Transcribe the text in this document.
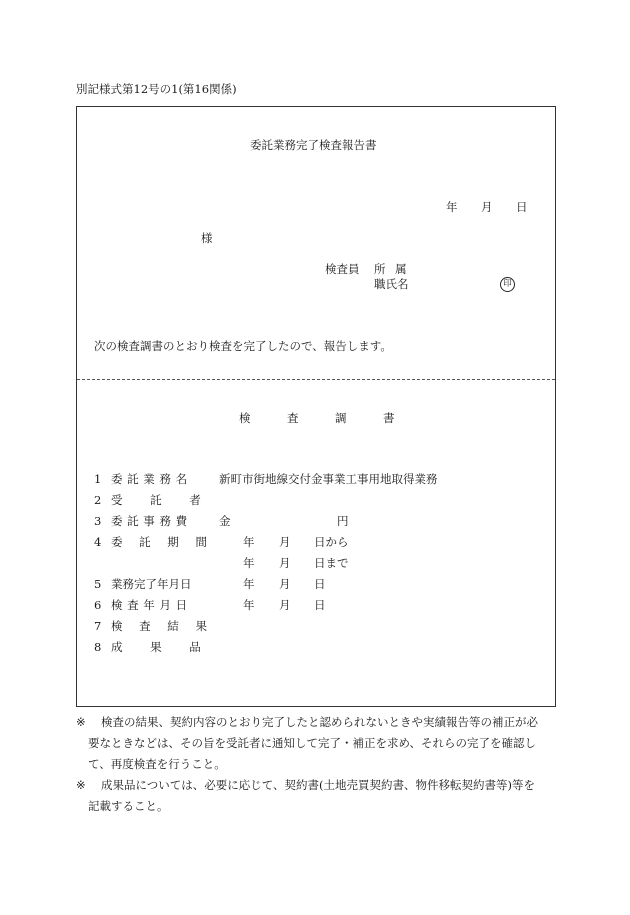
別記様式第12号の1(第16関係)
委託業務完了検査報告書
年 月 日
様
検査員 所 属
職氏名	印
次の検査調書のとおり検査を完了したので、報告します。
検	査	調	書
1 委 託 業 務 名	新町市街地線交付金事業工事用地取得業務
2 受 託 者
3 委 託 事 務 費	金	円
4 委 託 期 間	年 月 日から
年 月 日まで
5 業務完了年月日	年 月 日
6 検 査 年 月 日	年 月 日
7 検 査 結 果
8 成 果 品
※ 検査の結果、契約内容のとおり完了したと認められないときや実績報告等の補正が必
要なときなどは、その旨を受託者に通知して完了・補正を求め、それらの完了を確認し
て、再度検査を行うこと。
※ 成果品については、必要に応じて、契約書(土地売買契約書、物件移転契約書等)等を
記載すること。
